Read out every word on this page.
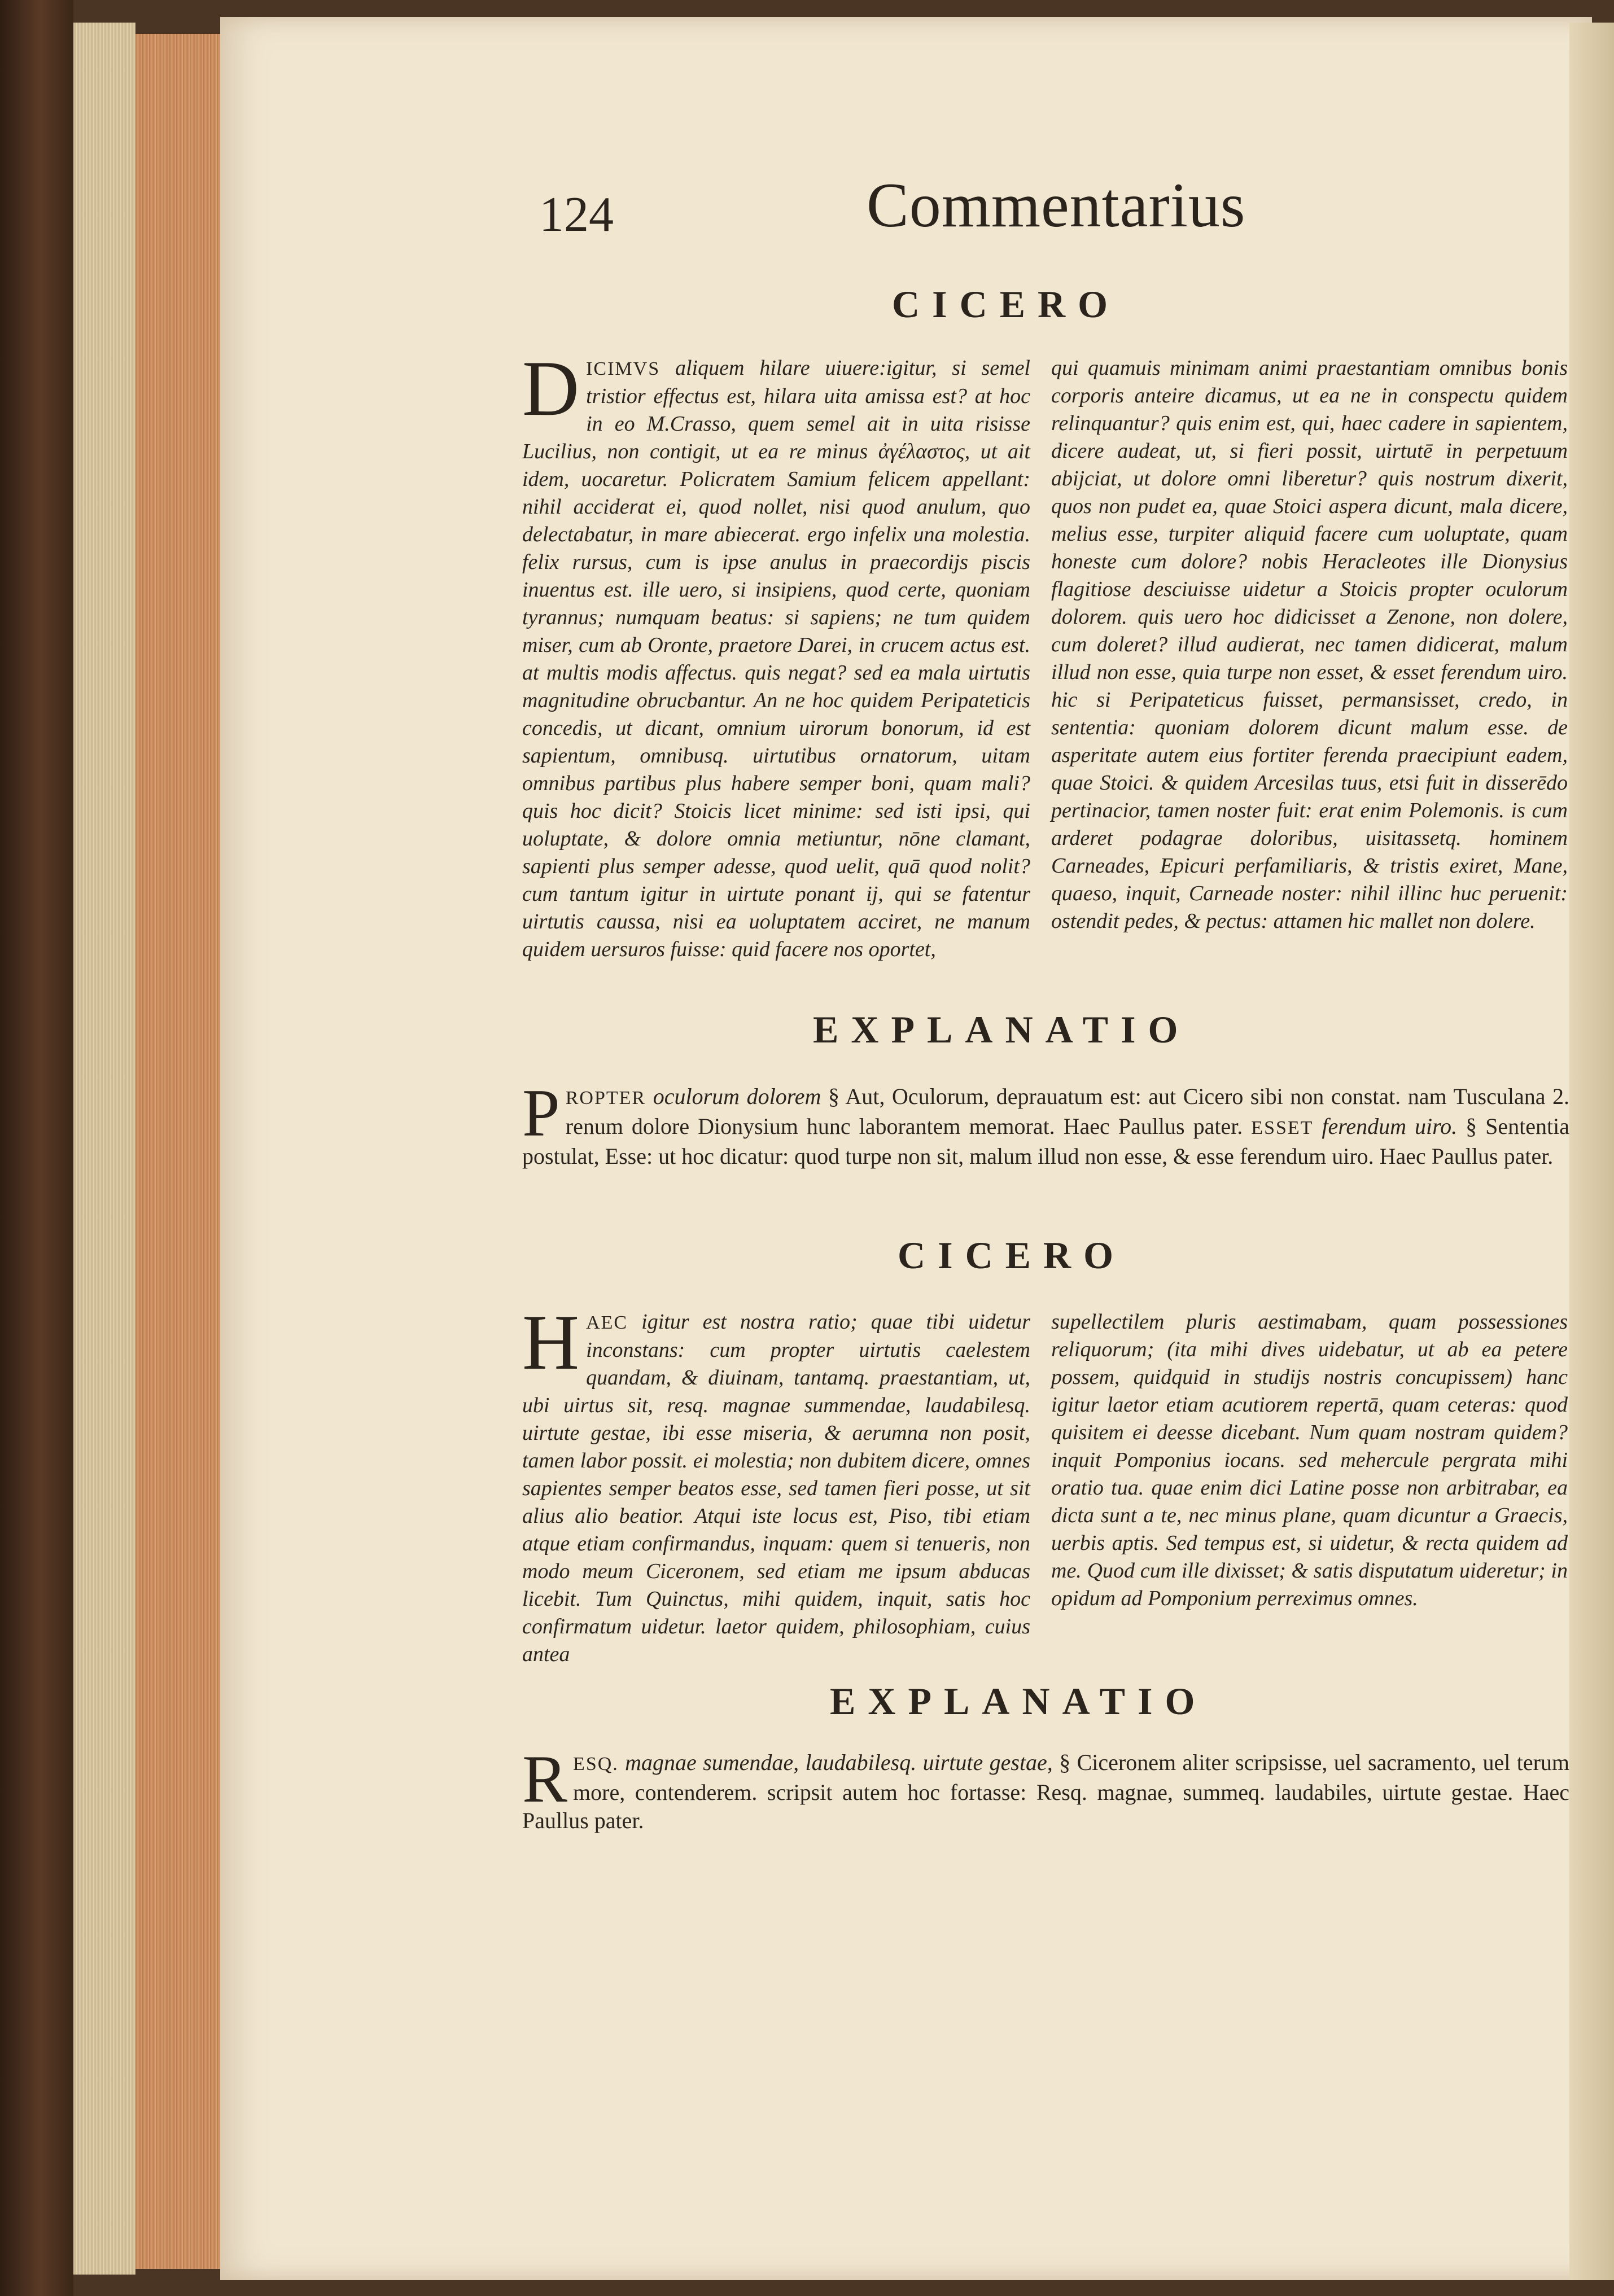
124	Commentarius
CICERO

DICIMVS aliquem hilare uiuere:igitur, si semel tristior effectus est, hilara uita amissa est? at hoc in eo M.Crasso, quem semel ait in uita risisse Lucilius, non contigit, ut ea re minus ἀγέλαστος, ut ait idem, uocaretur. Policratem Samium felicem appellant: nihil acciderat ei, quod nollet, nisi quod anulum, quo delectabatur, in mare abiecerat. ergo infelix una molestia. felix rursus, cum is ipse anulus in praecordijs piscis inuentus est. ille uero, si insipiens, quod certe, quoniam tyrannus; numquam beatus: si sapiens; ne tum quidem miser, cum ab Oronte, praetore Darei, in crucem actus est. at multis modis affectus. quis negat? sed ea mala uirtutis magnitudine obrucbantur. An ne hoc quidem Peripateticis concedis, ut dicant, omnium uirorum bonorum, id est sapientum, omnibusq. uirtutibus ornatorum, uitam omnibus partibus plus habere semper boni, quam mali? quis hoc dicit? Stoicis licet minime: sed isti ipsi, qui uoluptate, & dolore omnia metiuntur, nōne clamant, sapienti plus semper adesse, quod uelit, quā quod nolit? cum tantum igitur in uirtute ponant ij, qui se fatentur uirtutis caussa, nisi ea uoluptatem acciret, ne manum quidem uersuros fuisse: quid facere nos oportet,

qui quamuis minimam animi praestantiam omnibus bonis corporis anteire dicamus, ut ea ne in conspectu quidem relinquantur? quis enim est, qui, haec cadere in sapientem, dicere audeat, ut, si fieri possit, uirtutē in perpetuum abijciat, ut dolore omni liberetur? quis nostrum dixerit, quos non pudet ea, quae Stoici aspera dicunt, mala dicere, melius esse, turpiter aliquid facere cum uoluptate, quam honeste cum dolore? nobis Heracleotes ille Dionysius flagitiose desciuisse uidetur a Stoicis propter oculorum dolorem. quis uero hoc didicisset a Zenone, non dolere, cum doleret? illud audierat, nec tamen didicerat, malum illud non esse, quia turpe non esset, & esset ferendum uiro. hic si Peripateticus fuisset, permansisset, credo, in sententia: quoniam dolorem dicunt malum esse. de asperitate autem eius fortiter ferenda praecipiunt eadem, quae Stoici. & quidem Arcesilas tuus, etsi fuit in disserēdo pertinacior, tamen noster fuit: erat enim Polemonis. is cum arderet podagrae doloribus, uisitassetq. hominem Carneades, Epicuri perfamiliaris, & tristis exiret, Mane, quaeso, inquit, Carneade noster: nihil illinc huc peruenit: ostendit pedes, & pectus: attamen hic mallet non dolere.

EXPLANATIO

PROPTER oculorum dolorem § Aut, Oculorum, deprauatum est: aut Cicero sibi non constat. nam Tusculana 2. renum dolore Dionysium hunc laborantem memorat. Haec Paullus pater. ESSET ferendum uiro. § Sententia postulat, Esse: ut hoc dicatur: quod turpe non sit, malum illud non esse, & esse ferendum uiro. Haec Paullus pater.

CICERO

HAEC igitur est nostra ratio; quae tibi uidetur inconstans: cum propter uirtutis caelestem quandam, & diuinam, tantamq. praestantiam, ut, ubi uirtus sit, resq. magnae summendae, laudabilesq. uirtute gestae, ibi esse miseria, & aerumna non posit, tamen labor possit. ei molestia; non dubitem dicere, omnes sapientes semper beatos esse, sed tamen fieri posse, ut sit alius alio beatior. Atqui iste locus est, Piso, tibi etiam atque etiam confirmandus, inquam: quem si tenueris, non modo meum Ciceronem, sed etiam me ipsum abducas licebit. Tum Quinctus, mihi quidem, inquit, satis hoc confirmatum uidetur. laetor quidem, philosophiam, cuius antea

supellectilem pluris aestimabam, quam possessiones reliquorum; (ita mihi dives uidebatur, ut ab ea petere possem, quidquid in studijs nostris concupissem) hanc igitur laetor etiam acutiorem repertā, quam ceteras: quod quisitem ei deesse dicebant. Num quam nostram quidem? inquit Pomponius iocans. sed mehercule pergrata mihi oratio tua. quae enim dici Latine posse non arbitrabar, ea dicta sunt a te, nec minus plane, quam dicuntur a Graecis, uerbis aptis. Sed tempus est, si uidetur, & recta quidem ad me. Quod cum ille dixisset; & satis disputatum uideretur; in opidum ad Pomponium perreximus omnes.

EXPLANATIO

RESQ. magnae sumendae, laudabilesq. uirtute gestae, § Ciceronem aliter scripsisse, uel sacramento, uel terum more, contenderem. scripsit autem hoc fortasse: Resq. magnae, summeq. laudabiles, uirtute gestae. Haec Paullus pater.
